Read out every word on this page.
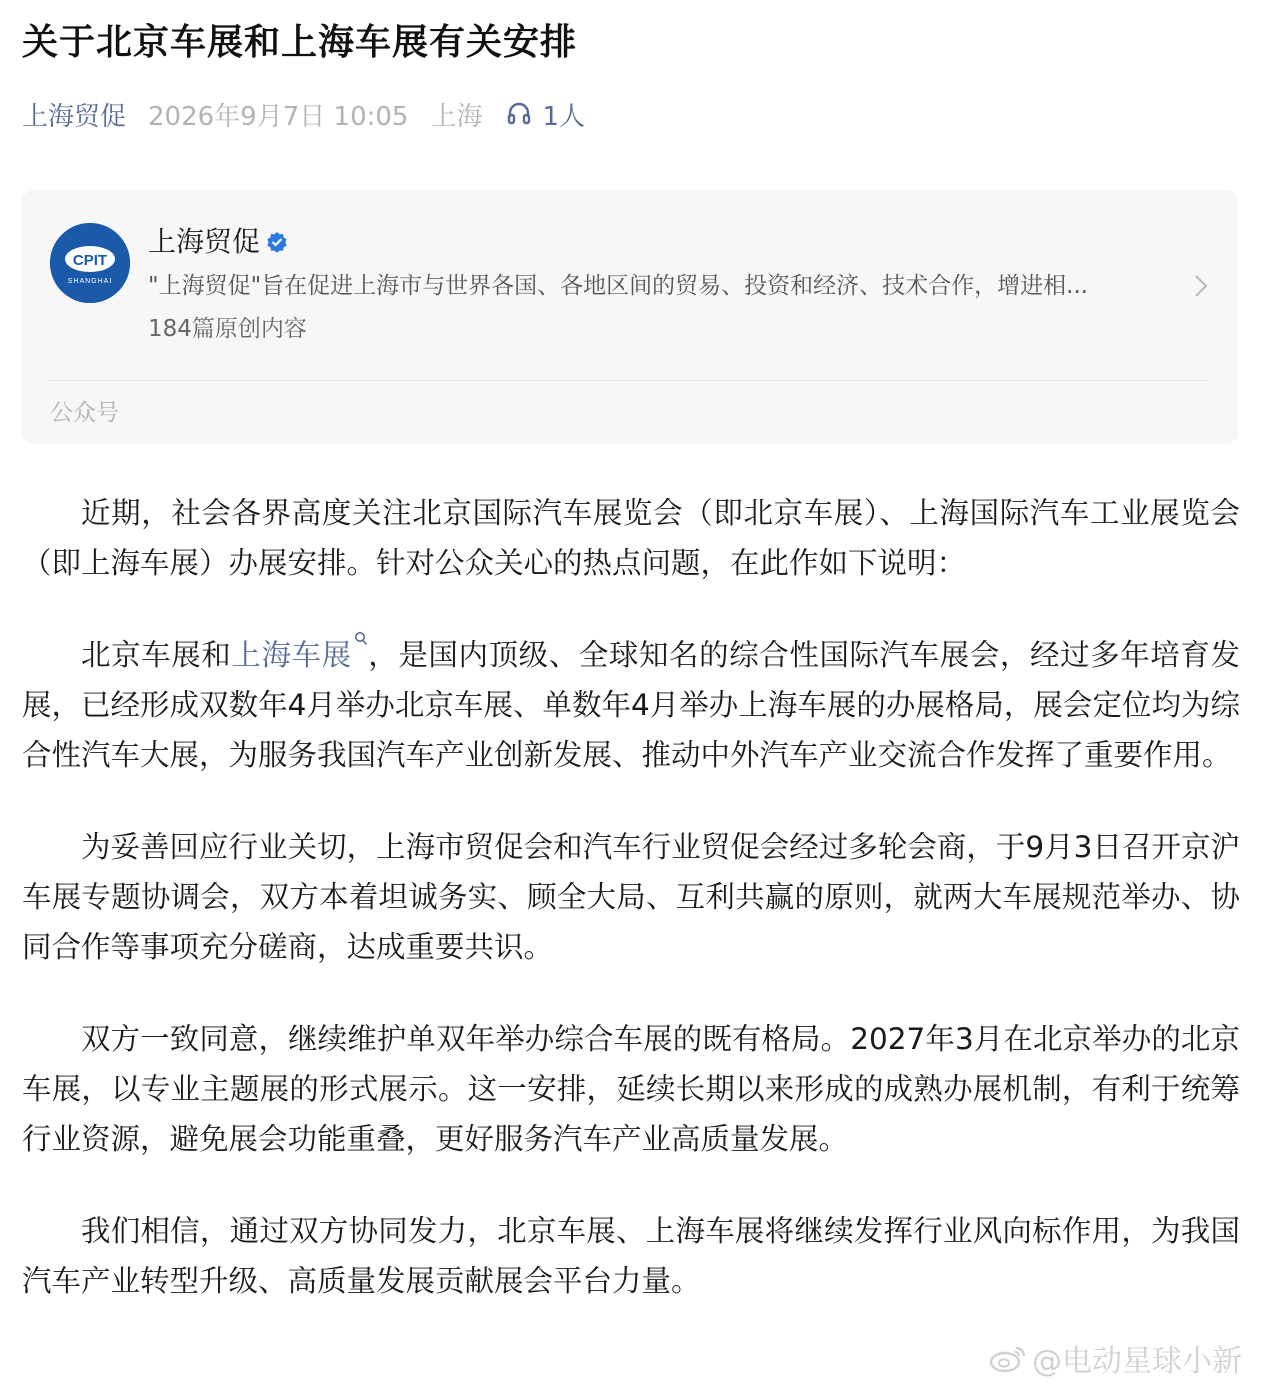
关于北京车展和上海车展有关安排
上海贸促 2026年9月7日 10:05 上海 1人
CPIT
SHANGHAI
上海贸促
"上海贸促"旨在促进上海市与世界各国、各地区间的贸易、投资和经济、技术合作，增进相...
184篇原创内容
公众号

近期，社会各界高度关注北京国际汽车展览会（即北京车展）、上海国际汽车工业展览会（即上海车展）办展安排。针对公众关心的热点问题，在此作如下说明：

北京车展和上海车展 ，是国内顶级、全球知名的综合性国际汽车展会，经过多年培育发展，已经形成双数年4月举办北京车展、单数年4月举办上海车展的办展格局，展会定位均为综合性汽车大展，为服务我国汽车产业创新发展、推动中外汽车产业交流合作发挥了重要作用。

为妥善回应行业关切，上海市贸促会和汽车行业贸促会经过多轮会商，于9月3日召开京沪车展专题协调会，双方本着坦诚务实、顾全大局、互利共赢的原则，就两大车展规范举办、协同合作等事项充分磋商，达成重要共识。

双方一致同意，继续维护单双年举办综合车展的既有格局。2027年3月在北京举办的北京车展，以专业主题展的形式展示。这一安排，延续长期以来形成的成熟办展机制，有利于统筹行业资源，避免展会功能重叠，更好服务汽车产业高质量发展。

我们相信，通过双方协同发力，北京车展、上海车展将继续发挥行业风向标作用，为我国汽车产业转型升级、高质量发展贡献展会平台力量。

@电动星球小新
